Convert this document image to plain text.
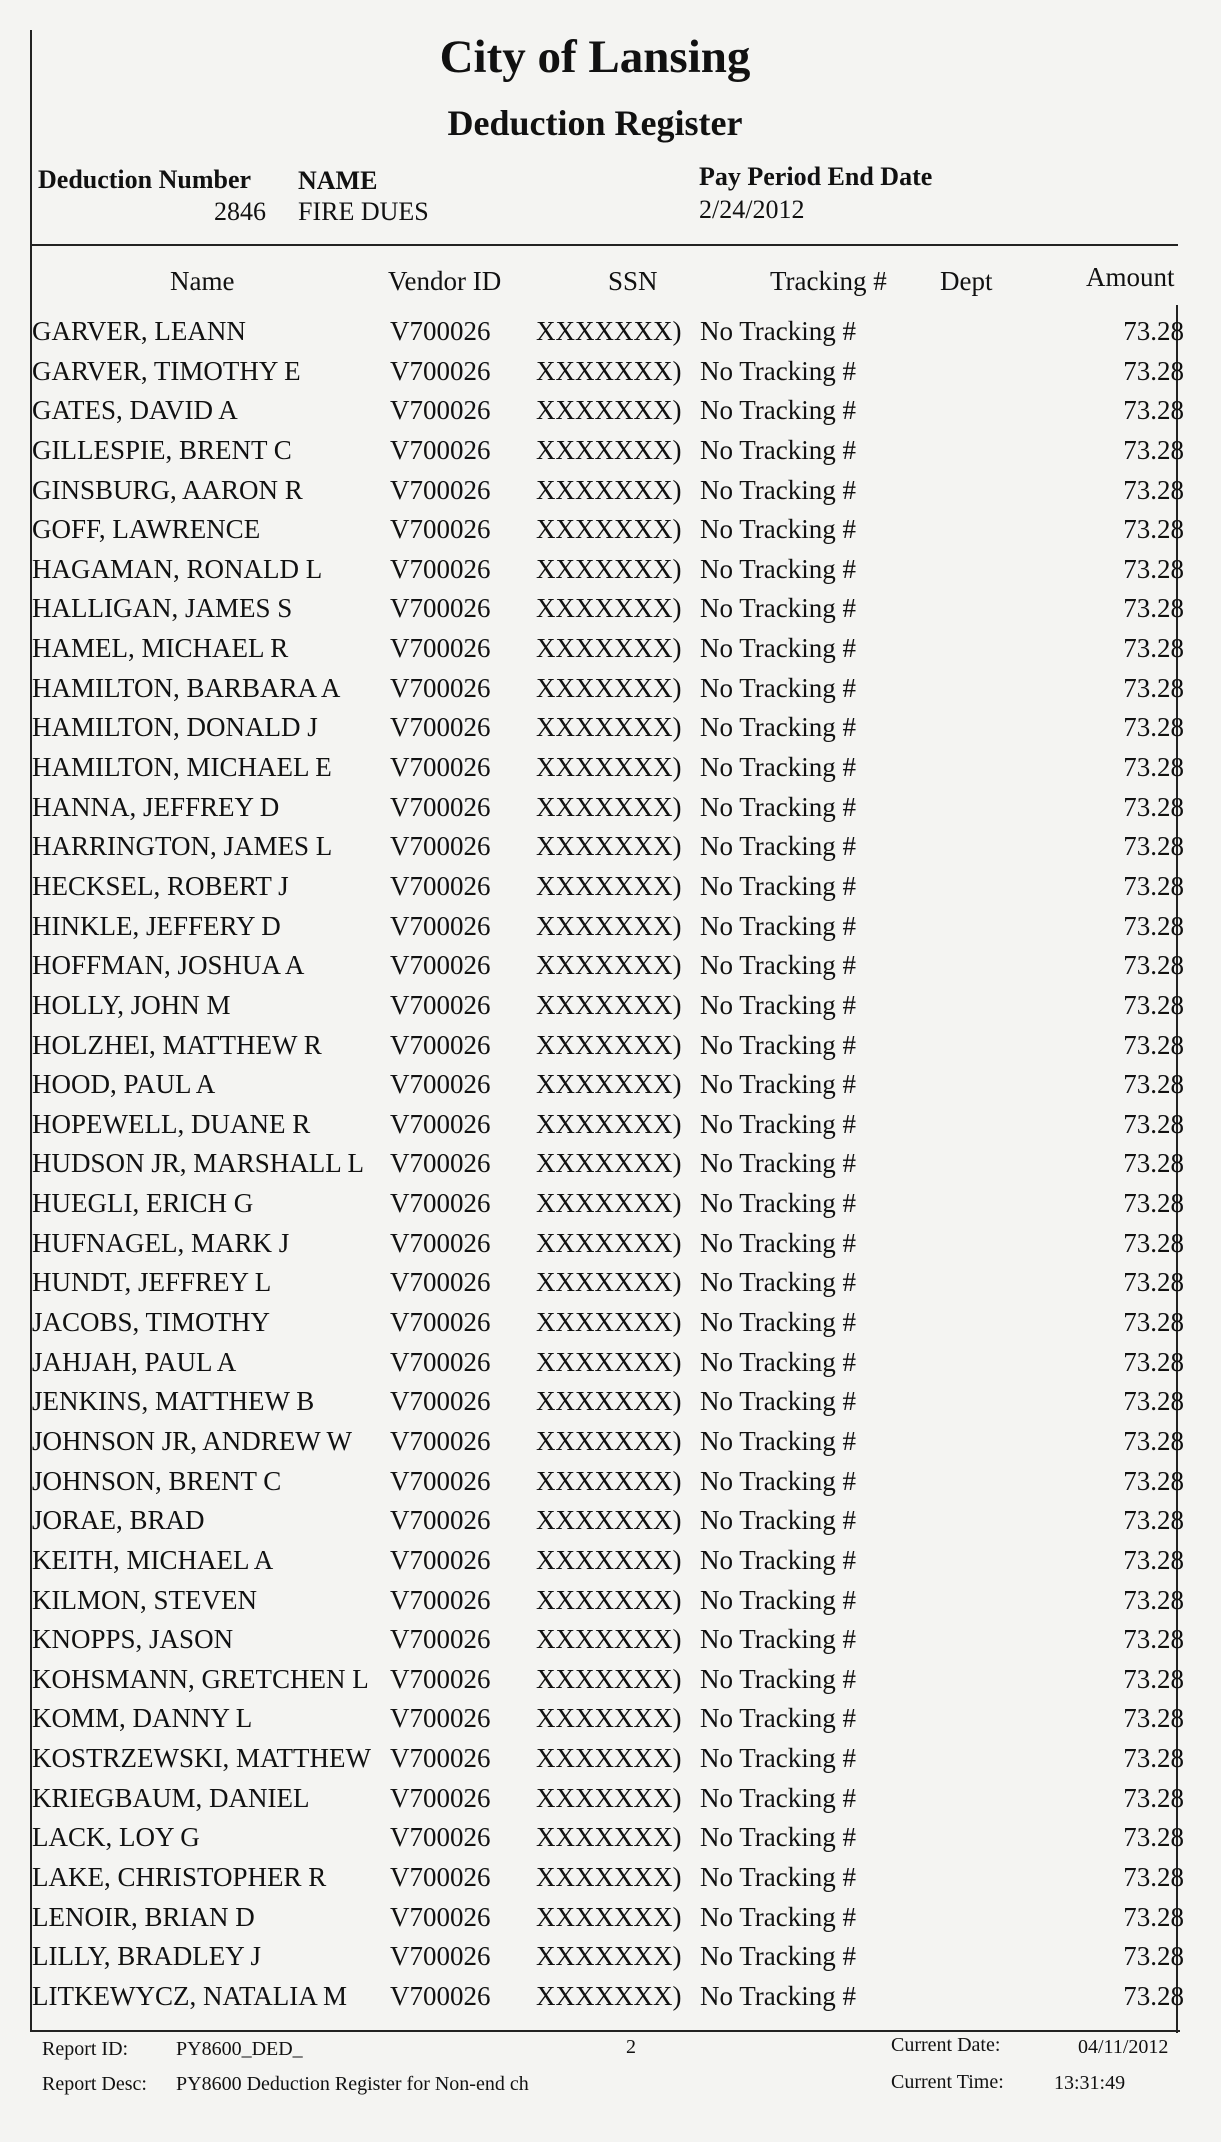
City of Lansing
Deduction Register
Deduction Number
2846
NAME
FIRE DUES
Pay Period End Date
2/24/2012
Name	Vendor ID	SSN	Tracking # Dept	Amount
GARVER, LEANN	V700026	XXXXXXX) No Tracking #	73.28
GARVER, TIMOTHY E	V700026	XXXXXXX) No Tracking #	73.28
GATES, DAVID A	V700026	XXXXXXX) No Tracking #	73.28
GILLESPIE, BRENT C	V700026	XXXXXXX) No Tracking #	73.28
GINSBURG, AARON R	V700026	XXXXXXX) No Tracking #	73.28
GOFF, LAWRENCE	V700026	XXXXXXX) No Tracking #	73.28
HAGAMAN, RONALD L	V700026	XXXXXXX) No Tracking #	73.28
HALLIGAN, JAMES S	V700026	XXXXXXX) No Tracking #	73.28
HAMEL, MICHAEL R	V700026	XXXXXXX) No Tracking #	73.28
HAMILTON, BARBARA A	V700026	XXXXXXX) No Tracking #	73.28
HAMILTON, DONALD J	V700026	XXXXXXX) No Tracking #	73.28
HAMILTON, MICHAEL E	V700026	XXXXXXX) No Tracking #	73.28
HANNA, JEFFREY D	V700026	XXXXXXX) No Tracking #	73.28
HARRINGTON, JAMES L	V700026	XXXXXXX) No Tracking #	73.28
HECKSEL, ROBERT J	V700026	XXXXXXX) No Tracking #	73.28
HINKLE, JEFFERY D	V700026	XXXXXXX) No Tracking #	73.28
HOFFMAN, JOSHUA A	V700026	XXXXXXX) No Tracking #	73.28
HOLLY, JOHN M	V700026	XXXXXXX) No Tracking #	73.28
HOLZHEI, MATTHEW R	V700026	XXXXXXX) No Tracking #	73.28
HOOD, PAUL A	V700026	XXXXXXX) No Tracking #	73.28
HOPEWELL, DUANE R	V700026	XXXXXXX) No Tracking #	73.28
HUDSON JR, MARSHALL L V700026	XXXXXXX) No Tracking #	73.28
HUEGLI, ERICH G	V700026	XXXXXXX) No Tracking #	73.28
HUFNAGEL, MARK J	V700026	XXXXXXX) No Tracking #	73.28
HUNDT, JEFFREY L	V700026	XXXXXXX) No Tracking #	73.28
JACOBS, TIMOTHY	V700026	XXXXXXX) No Tracking #	73.28
JAHJAH, PAUL A	V700026	XXXXXXX) No Tracking #	73.28
JENKINS, MATTHEW B	V700026	XXXXXXX) No Tracking #	73.28
JOHNSON JR, ANDREW W	V700026	XXXXXXX) No Tracking #	73.28
JOHNSON, BRENT C	V700026	XXXXXXX) No Tracking #	73.28
JORAE, BRAD	V700026	XXXXXXX) No Tracking #	73.28
KEITH, MICHAEL A	V700026	XXXXXXX) No Tracking #	73.28
KILMON, STEVEN	V700026	XXXXXXX) No Tracking #	73.28
KNOPPS, JASON	V700026	XXXXXXX) No Tracking #	73.28
KOHSMANN, GRETCHEN L V700026	XXXXXXX) No Tracking #	73.28
KOMM, DANNY L	V700026	XXXXXXX) No Tracking #	73.28
KOSTRZEWSKI, MATTHEW V700026	XXXXXXX) No Tracking #	73.28
KRIEGBAUM, DANIEL	V700026	XXXXXXX) No Tracking #	73.28
LACK, LOY G	V700026	XXXXXXX) No Tracking #	73.28
LAKE, CHRISTOPHER R	V700026	XXXXXXX) No Tracking #	73.28
LENOIR, BRIAN D	V700026	XXXXXXX) No Tracking #	73.28
LILLY, BRADLEY J	V700026	XXXXXXX) No Tracking #	73.28
LITKEWYCZ, NATALIA M	V700026	XXXXXXX) No Tracking #	73.28
Report ID: PY8600_DED_	2	Current Date:	04/11/2012
Report Desc: PY8600 Deduction Register for Non-end ch	Current Time:	13:31:49
